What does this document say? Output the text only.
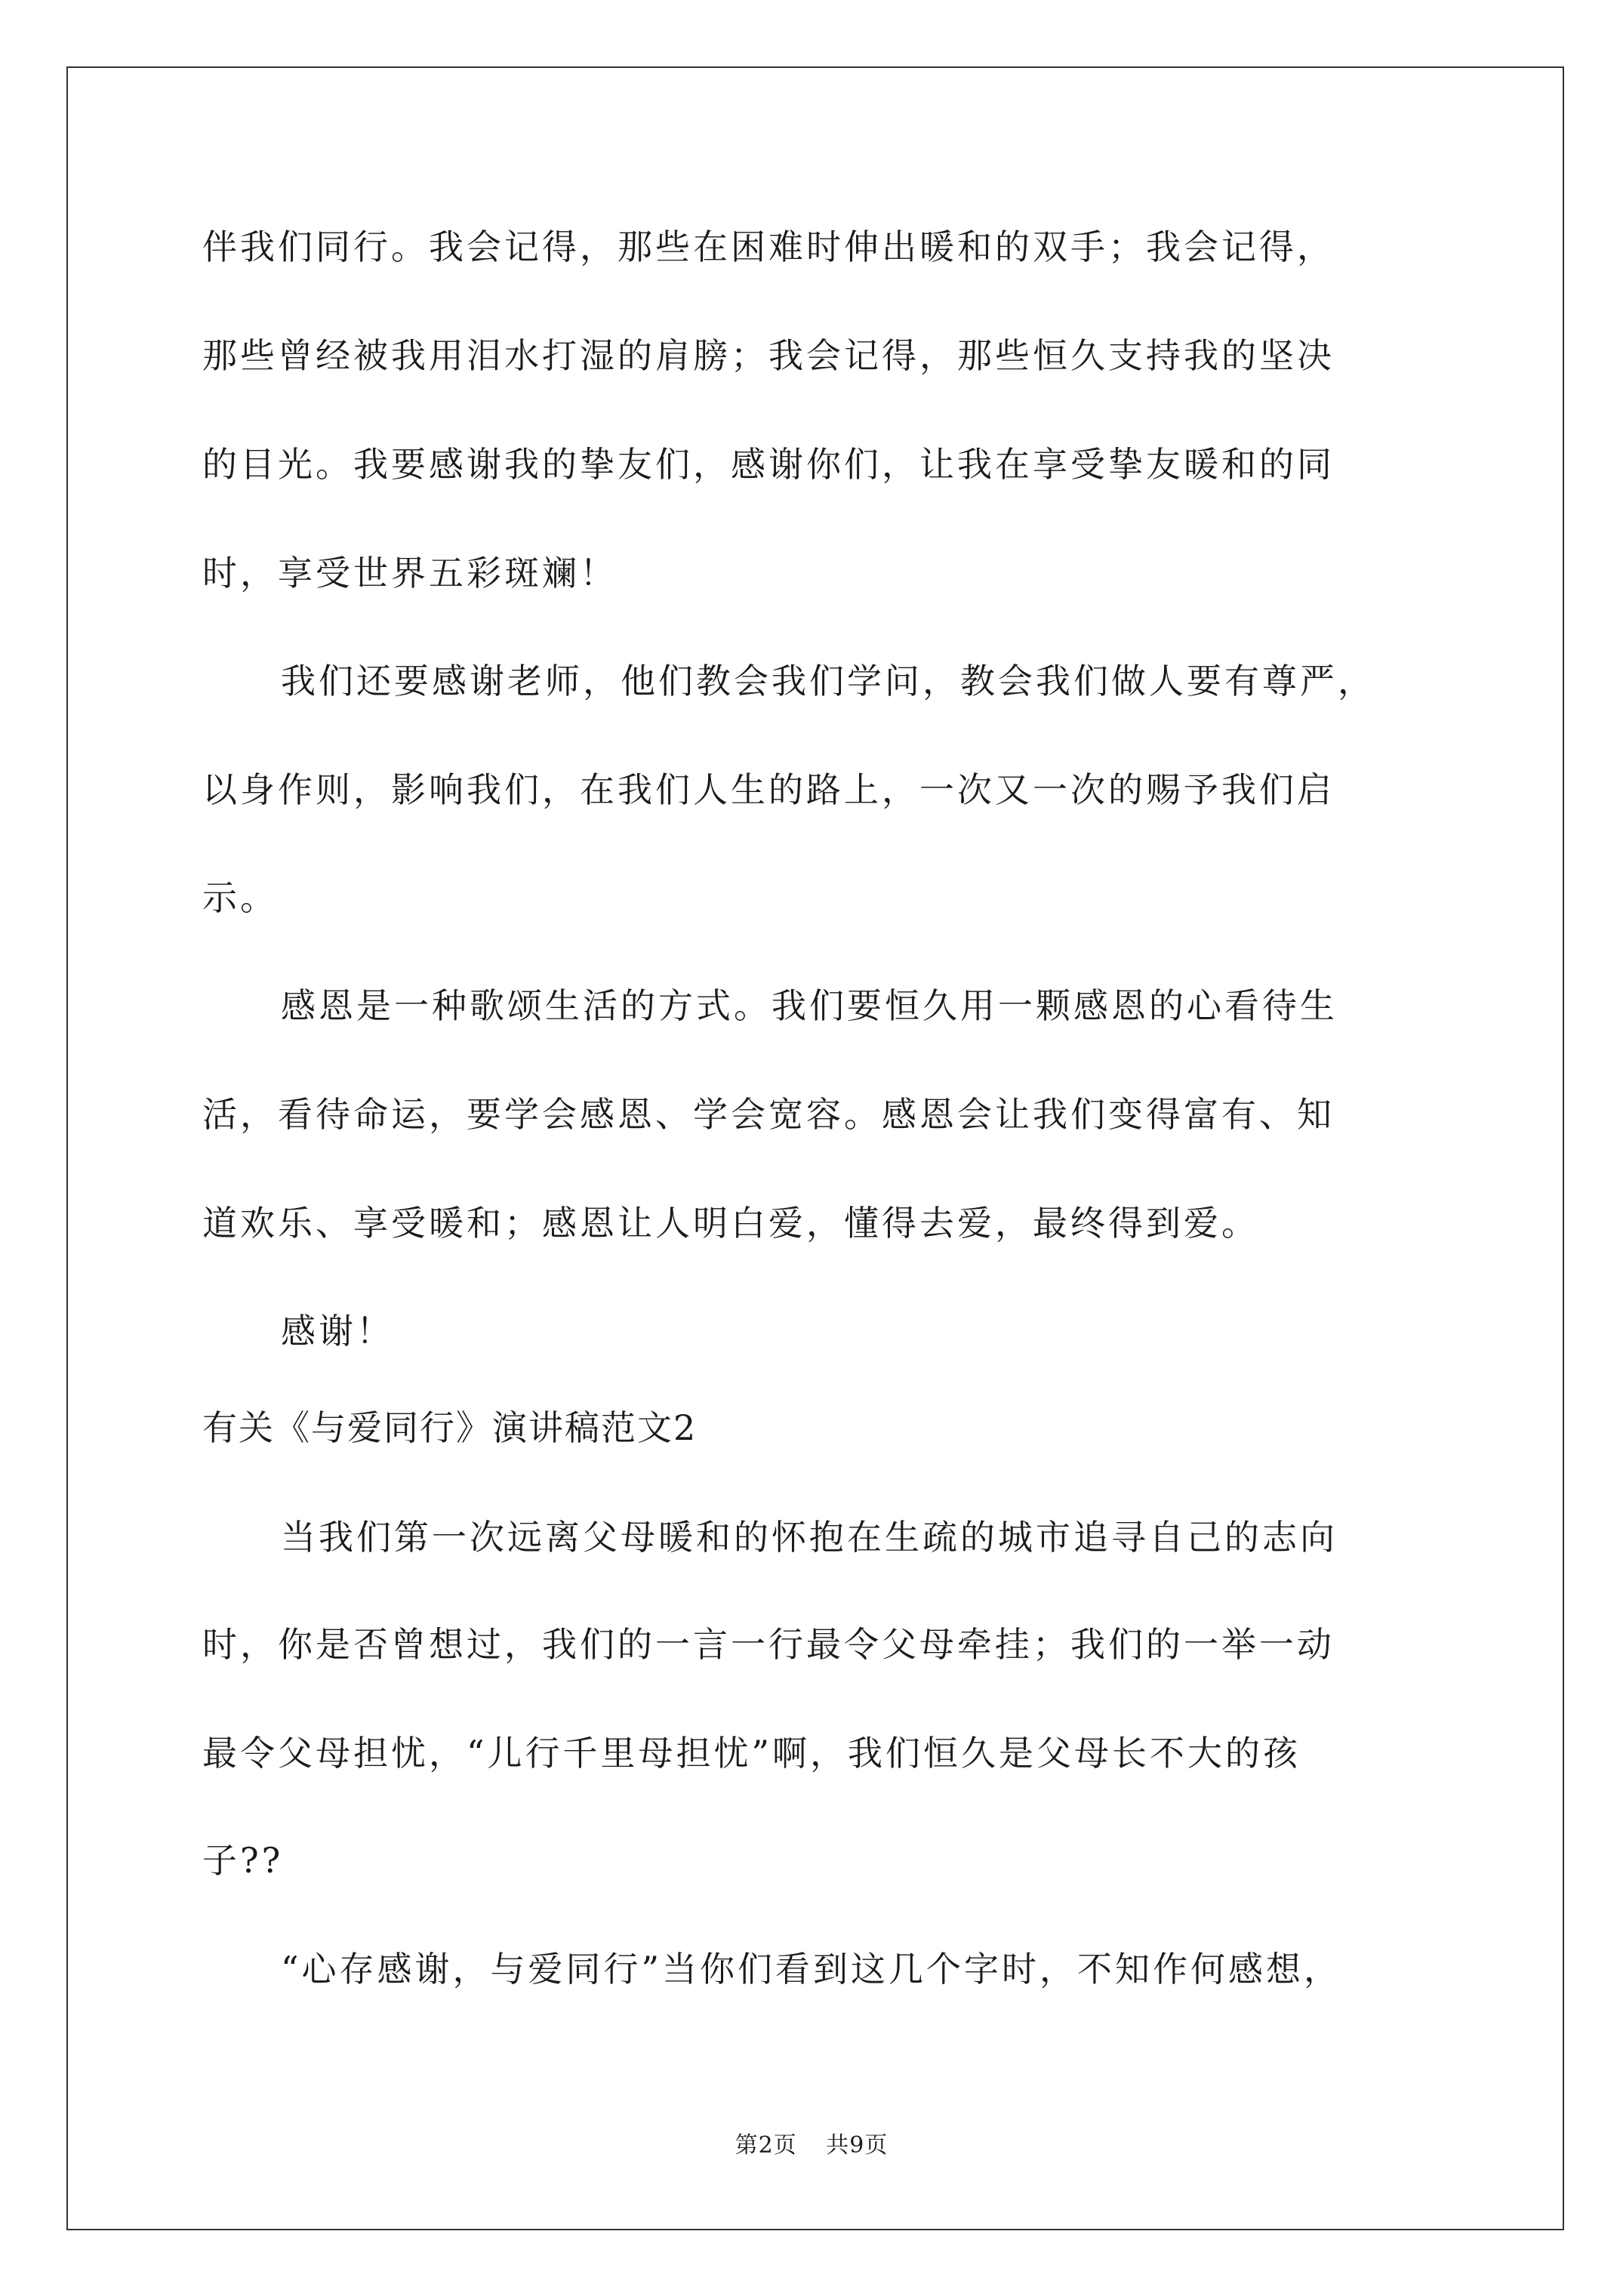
伴我们同行。我会记得，那些在困难时伸出暖和的双手；我会记得，
那些曾经被我用泪水打湿的肩膀；我会记得，那些恒久支持我的坚决
的目光。我要感谢我的挚友们，感谢你们，让我在享受挚友暖和的同
时，享受世界五彩斑斓！
我们还要感谢老师，他们教会我们学问，教会我们做人要有尊严，
以身作则，影响我们，在我们人生的路上，一次又一次的赐予我们启
示。
感恩是一种歌颂生活的方式。我们要恒久用一颗感恩的心看待生
活，看待命运，要学会感恩、学会宽容。感恩会让我们变得富有、知
道欢乐、享受暖和；感恩让人明白爱，懂得去爱，最终得到爱。
感谢！
有关《与爱同行》演讲稿范文2
当我们第一次远离父母暖和的怀抱在生疏的城市追寻自己的志向
时，你是否曾想过，我们的一言一行最令父母牵挂；我们的一举一动
最令父母担忧，“儿行千里母担忧”啊，我们恒久是父母长不大的孩
子??
“心存感谢，与爱同行”当你们看到这几个字时，不知作何感想，
第2页 共9页
